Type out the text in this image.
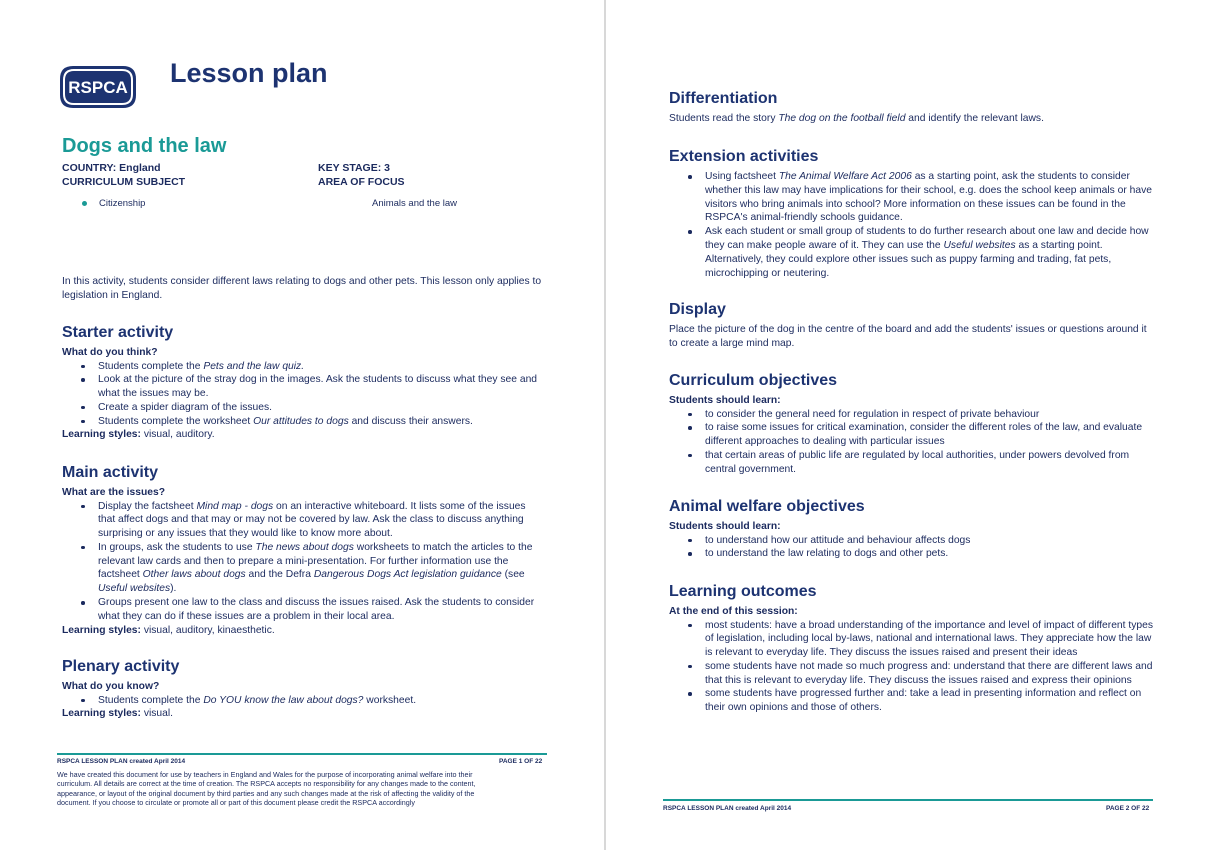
RSPCA Lesson plan
Dogs and the law
COUNTRY: England	KEY STAGE: 3
CURRICULUM SUBJECT	AREA OF FOCUS
Citizenship	Animals and the law

In this activity, students consider different laws relating to dogs and other pets. This lesson only applies to legislation in England.

Starter activity
What do you think?
Students complete the Pets and the law quiz.
Look at the picture of the stray dog in the images. Ask the students to discuss what they see and what the issues may be.
Create a spider diagram of the issues.
Students complete the worksheet Our attitudes to dogs and discuss their answers.
Learning styles: visual, auditory.
Main activity
What are the issues?
Display the factsheet Mind map - dogs on an interactive whiteboard. It lists some of the issues that affect dogs and that may or may not be covered by law. Ask the class to discuss anything surprising or any issues that they would like to know more about.
In groups, ask the students to use The news about dogs worksheets to match the articles to the relevant law cards and then to prepare a mini-presentation. For further information use the factsheet Other laws about dogs and the Defra Dangerous Dogs Act legislation guidance (see Useful websites).
Groups present one law to the class and discuss the issues raised. Ask the students to consider what they can do if these issues are a problem in their local area.
Learning styles: visual, auditory, kinaesthetic.
Plenary activity
What do you know?
Students complete the Do YOU know the law about dogs? worksheet.
Learning styles: visual.
RSPCA LESSON PLAN created April 2014	PAGE 1 OF 22

We have created this document for use by teachers in England and Wales for the purpose of incorporating animal welfare into their curriculum. All details are correct at the time of creation. The RSPCA accepts no responsibility for any changes made to the content, appearance, or layout of the original document by third parties and any such changes made at the risk of affecting the validity of the document. If you choose to circulate or promote all or part of this document please credit the RSPCA accordingly

Differentiation

Students read the story The dog on the football field and identify the relevant laws.

Extension activities
Using factsheet The Animal Welfare Act 2006 as a starting point, ask the students to consider whether this law may have implications for their school, e.g. does the school keep animals or have visitors who bring animals into school? More information on these issues can be found in the RSPCA's animal-friendly schools guidance.
Ask each student or small group of students to do further research about one law and decide how they can make people aware of it. They can use the Useful websites as a starting point. Alternatively, they could explore other issues such as puppy farming and trading, fat pets, microchipping or neutering.
Display

Place the picture of the dog in the centre of the board and add the students' issues or questions around it to create a large mind map.

Curriculum objectives
Students should learn:
to consider the general need for regulation in respect of private behaviour
to raise some issues for critical examination, consider the different roles of the law, and evaluate different approaches to dealing with particular issues
that certain areas of public life are regulated by local authorities, under powers devolved from central government.
Animal welfare objectives
Students should learn:
to understand how our attitude and behaviour affects dogs
to understand the law relating to dogs and other pets.
Learning outcomes
At the end of this session:
most students: have a broad understanding of the importance and level of impact of different types of legislation, including local by-laws, national and international laws. They appreciate how the law is relevant to everyday life. They discuss the issues raised and present their ideas
some students have not made so much progress and: understand that there are different laws and that this is relevant to everyday life. They discuss the issues raised and express their opinions
some students have progressed further and: take a lead in presenting information and reflect on their own opinions and those of others.
RSPCA LESSON PLAN created April 2014	PAGE 2 OF 22
